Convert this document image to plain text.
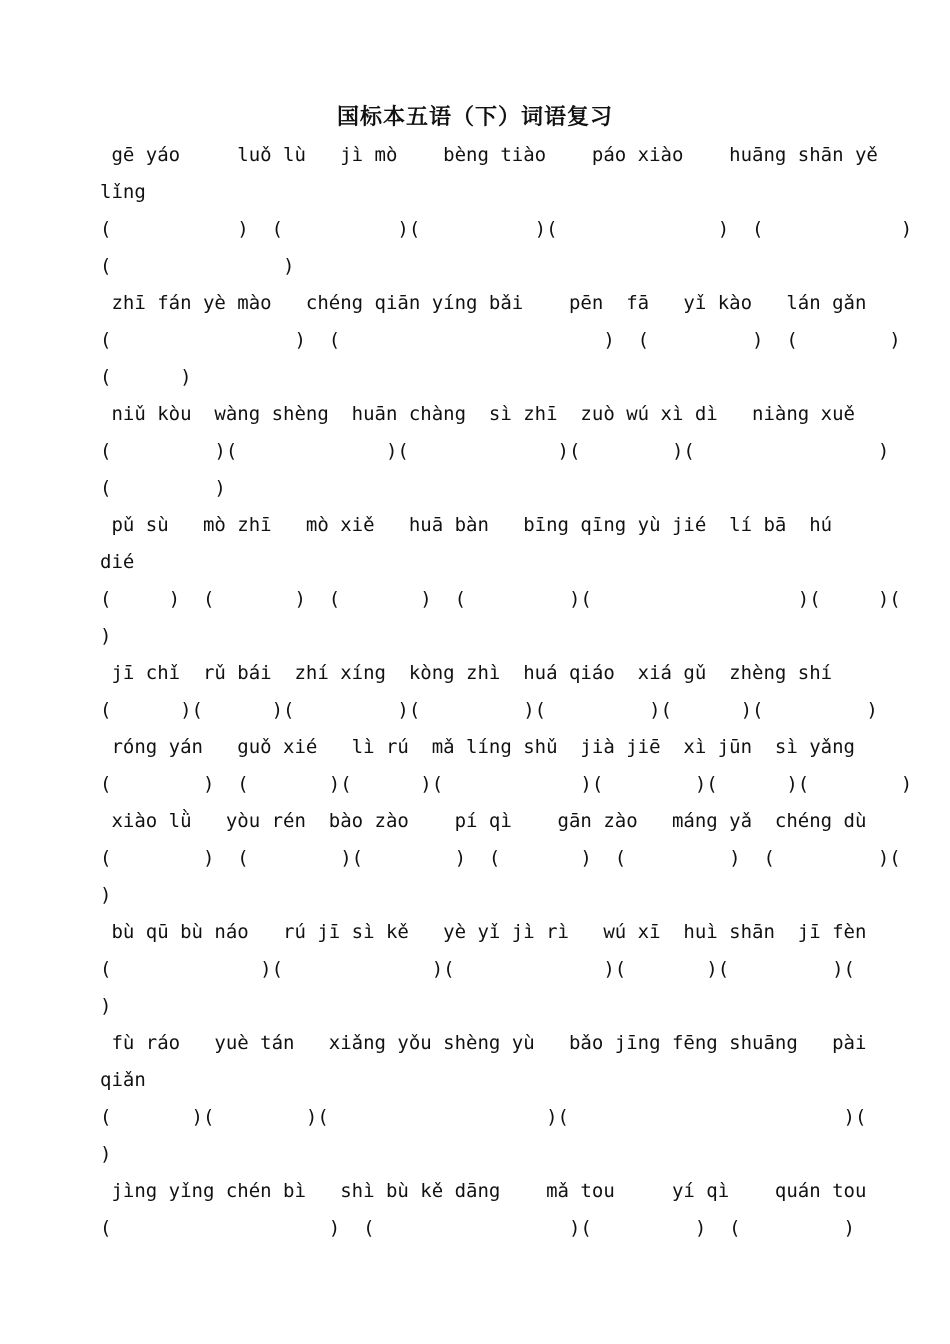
国标本五语（下）词语复习
gē yáo     luǒ lù   jì mò    bèng tiào    páo xiào    huāng shān yě
lǐng
(           )  (          )(          )(              )  (            )
(               )
zhī fán yè mào   chéng qiān yíng bǎi    pēn  fā   yǐ kào   lán gǎn
(                )  (                       )  (         )  (        )
(      )
niǔ kòu  wàng shèng  huān chàng  sì zhī  zuò wú xì dì   niàng xuě
(         )(             )(             )(        )(                )
(         )
pǔ sù   mò zhī   mò xiě   huā bàn   bīng qīng yù jié  lí bā  hú
dié
(     )  (       )  (       )  (         )(                  )(     )(
)
jī chǐ  rǔ bái  zhí xíng  kòng zhì  huá qiáo  xiá gǔ  zhèng shí
(      )(      )(         )(         )(         )(      )(         )
róng yán   guǒ xié   lì rú  mǎ líng shǔ  jià jiē  xì jūn  sì yǎng
(        )  (       )(      )(            )(        )(      )(        )
xiào lǜ   yòu rén  bào zào    pí qì    gān zào   máng yǎ  chéng dù
(        )  (        )(        )  (       )  (         )  (         )(
)
bù qū bù náo   rú jī sì kě   yè yǐ jì rì   wú xī  huì shān  jī fèn
(             )(             )(             )(       )(         )(
)
fù ráo   yuè tán   xiǎng yǒu shèng yù   bǎo jīng fēng shuāng   pài
qiǎn
(       )(        )(                   )(                        )(
)
jìng yǐng chén bì   shì bù kě dāng    mǎ tou     yí qì    quán tou
(                   )  (                 )(         )  (         )
